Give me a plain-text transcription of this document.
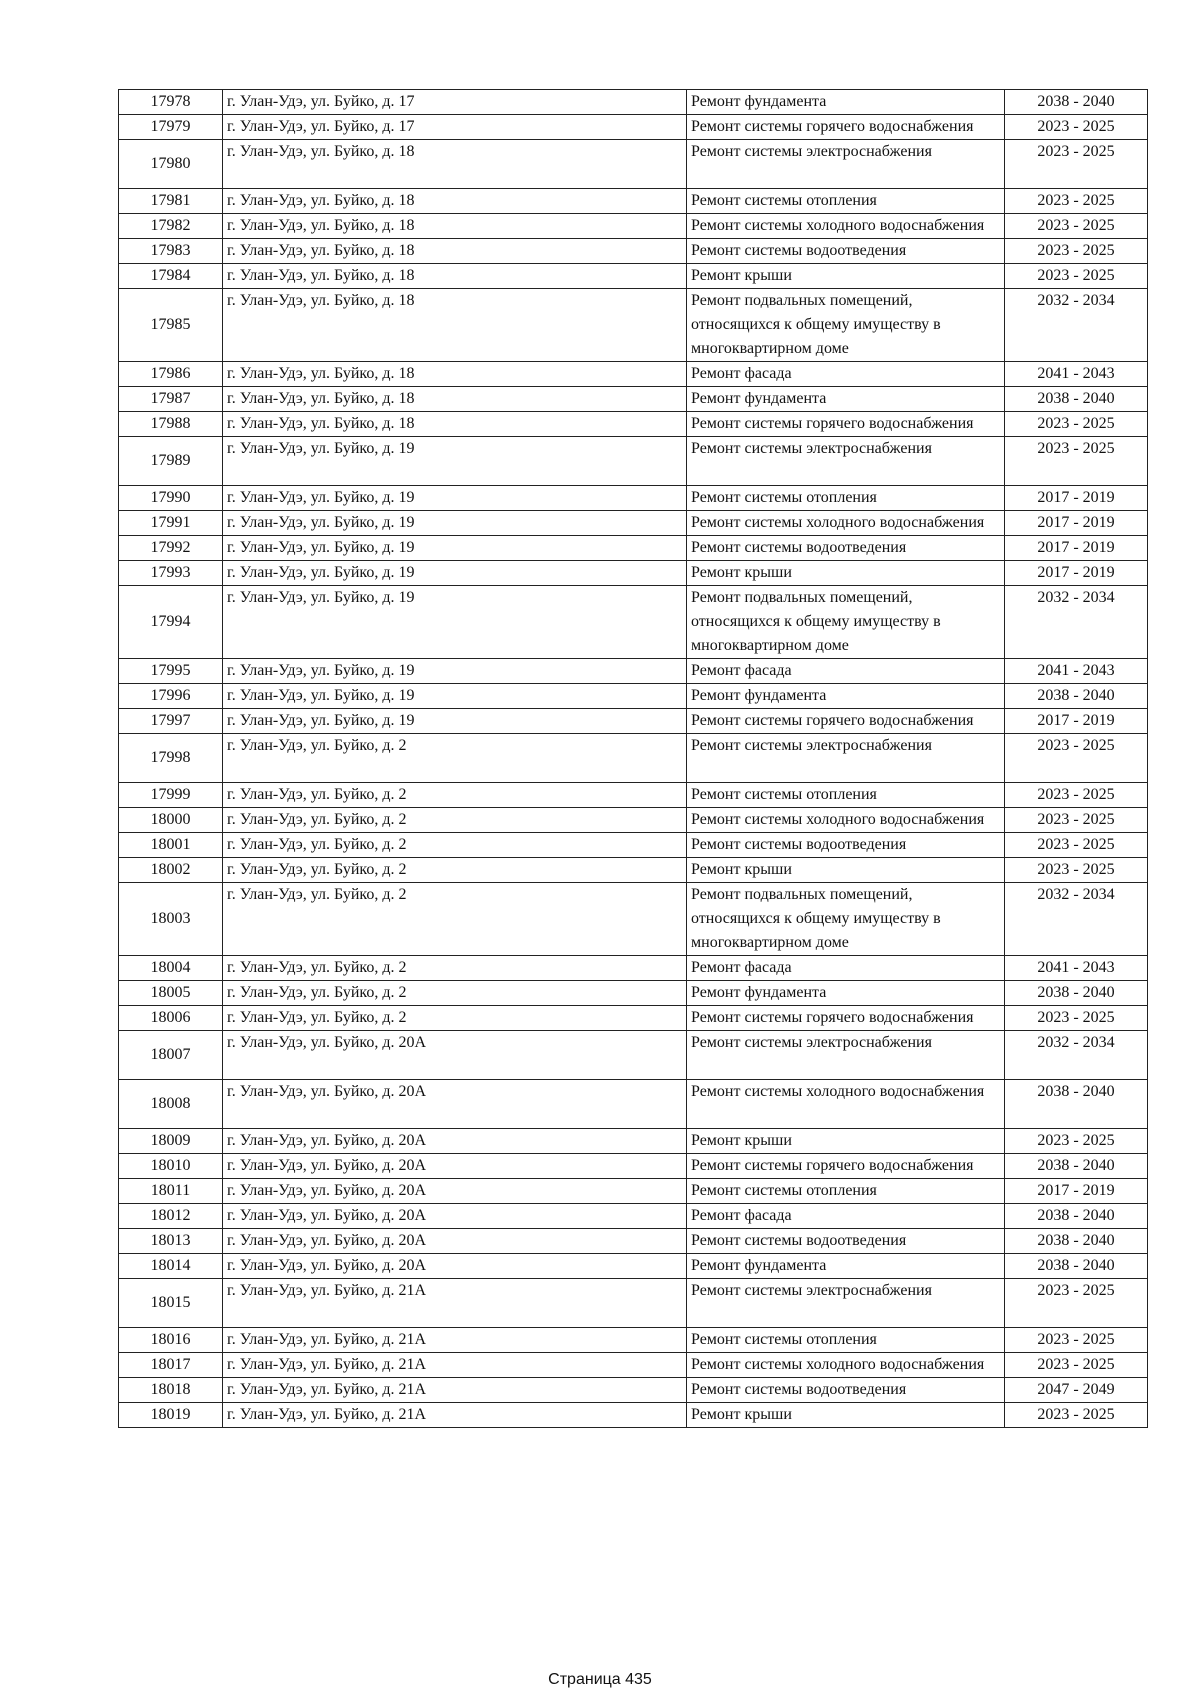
17978	г. Улан-Удэ, ул. Буйко, д. 17	Ремонт фундамента	2038 - 2040
17979	г. Улан-Удэ, ул. Буйко, д. 17	Ремонт системы горячего водоснабжения	2023 - 2025
17980	г. Улан-Удэ, ул. Буйко, д. 18	Ремонт системы электроснабжения	2023 - 2025
17981	г. Улан-Удэ, ул. Буйко, д. 18	Ремонт системы отопления	2023 - 2025
17982	г. Улан-Удэ, ул. Буйко, д. 18	Ремонт системы холодного водоснабжения	2023 - 2025
17983	г. Улан-Удэ, ул. Буйко, д. 18	Ремонт системы водоотведения	2023 - 2025
17984	г. Улан-Удэ, ул. Буйко, д. 18	Ремонт крыши	2023 - 2025
17985	г. Улан-Удэ, ул. Буйко, д. 18	Ремонт подвальных помещений, относящихся к общему имуществу в многоквартирном доме	2032 - 2034
17986	г. Улан-Удэ, ул. Буйко, д. 18	Ремонт фасада	2041 - 2043
17987	г. Улан-Удэ, ул. Буйко, д. 18	Ремонт фундамента	2038 - 2040
17988	г. Улан-Удэ, ул. Буйко, д. 18	Ремонт системы горячего водоснабжения	2023 - 2025
17989	г. Улан-Удэ, ул. Буйко, д. 19	Ремонт системы электроснабжения	2023 - 2025
17990	г. Улан-Удэ, ул. Буйко, д. 19	Ремонт системы отопления	2017 - 2019
17991	г. Улан-Удэ, ул. Буйко, д. 19	Ремонт системы холодного водоснабжения	2017 - 2019
17992	г. Улан-Удэ, ул. Буйко, д. 19	Ремонт системы водоотведения	2017 - 2019
17993	г. Улан-Удэ, ул. Буйко, д. 19	Ремонт крыши	2017 - 2019
17994	г. Улан-Удэ, ул. Буйко, д. 19	Ремонт подвальных помещений, относящихся к общему имуществу в многоквартирном доме	2032 - 2034
17995	г. Улан-Удэ, ул. Буйко, д. 19	Ремонт фасада	2041 - 2043
17996	г. Улан-Удэ, ул. Буйко, д. 19	Ремонт фундамента	2038 - 2040
17997	г. Улан-Удэ, ул. Буйко, д. 19	Ремонт системы горячего водоснабжения	2017 - 2019
17998	г. Улан-Удэ, ул. Буйко, д. 2	Ремонт системы электроснабжения	2023 - 2025
17999	г. Улан-Удэ, ул. Буйко, д. 2	Ремонт системы отопления	2023 - 2025
18000	г. Улан-Удэ, ул. Буйко, д. 2	Ремонт системы холодного водоснабжения	2023 - 2025
18001	г. Улан-Удэ, ул. Буйко, д. 2	Ремонт системы водоотведения	2023 - 2025
18002	г. Улан-Удэ, ул. Буйко, д. 2	Ремонт крыши	2023 - 2025
18003	г. Улан-Удэ, ул. Буйко, д. 2	Ремонт подвальных помещений, относящихся к общему имуществу в многоквартирном доме	2032 - 2034
18004	г. Улан-Удэ, ул. Буйко, д. 2	Ремонт фасада	2041 - 2043
18005	г. Улан-Удэ, ул. Буйко, д. 2	Ремонт фундамента	2038 - 2040
18006	г. Улан-Удэ, ул. Буйко, д. 2	Ремонт системы горячего водоснабжения	2023 - 2025
18007	г. Улан-Удэ, ул. Буйко, д. 20А	Ремонт системы электроснабжения	2032 - 2034
18008	г. Улан-Удэ, ул. Буйко, д. 20А	Ремонт системы холодного водоснабжения	2038 - 2040
18009	г. Улан-Удэ, ул. Буйко, д. 20А	Ремонт крыши	2023 - 2025
18010	г. Улан-Удэ, ул. Буйко, д. 20А	Ремонт системы горячего водоснабжения	2038 - 2040
18011	г. Улан-Удэ, ул. Буйко, д. 20А	Ремонт системы отопления	2017 - 2019
18012	г. Улан-Удэ, ул. Буйко, д. 20А	Ремонт фасада	2038 - 2040
18013	г. Улан-Удэ, ул. Буйко, д. 20А	Ремонт системы водоотведения	2038 - 2040
18014	г. Улан-Удэ, ул. Буйко, д. 20А	Ремонт фундамента	2038 - 2040
18015	г. Улан-Удэ, ул. Буйко, д. 21А	Ремонт системы электроснабжения	2023 - 2025
18016	г. Улан-Удэ, ул. Буйко, д. 21А	Ремонт системы отопления	2023 - 2025
18017	г. Улан-Удэ, ул. Буйко, д. 21А	Ремонт системы холодного водоснабжения	2023 - 2025
18018	г. Улан-Удэ, ул. Буйко, д. 21А	Ремонт системы водоотведения	2047 - 2049
18019	г. Улан-Удэ, ул. Буйко, д. 21А	Ремонт крыши	2023 - 2025
Страница 435
